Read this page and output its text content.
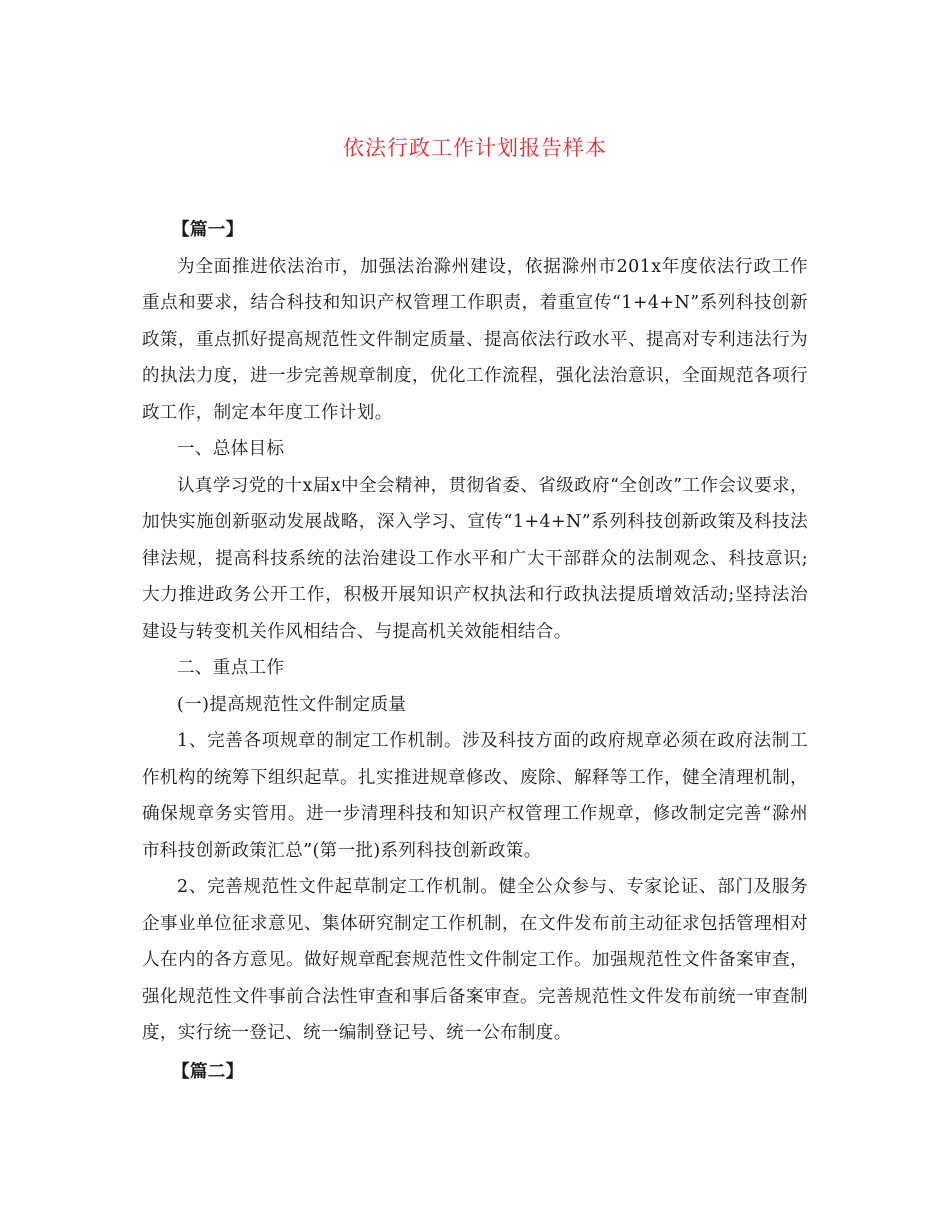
依法行政工作计划报告样本

【篇一】

为全面推进依法治市，加强法治滁州建设，依据滁州市201x年度依法行政工作重点和要求，结合科技和知识产权管理工作职责，着重宣传“1+4+N”系列科技创新政策，重点抓好提高规范性文件制定质量、提高依法行政水平、提高对专利违法行为的执法力度，进一步完善规章制度，优化工作流程，强化法治意识，全面规范各项行政工作，制定本年度工作计划。

一、总体目标

认真学习党的十x届x中全会精神，贯彻省委、省级政府“全创改”工作会议要求，加快实施创新驱动发展战略，深入学习、宣传“1+4+N”系列科技创新政策及科技法律法规，提高科技系统的法治建设工作水平和广大干部群众的法制观念、科技意识;大力推进政务公开工作，积极开展知识产权执法和行政执法提质增效活动;坚持法治建设与转变机关作风相结合、与提高机关效能相结合。

二、重点工作

(一)提高规范性文件制定质量

1、完善各项规章的制定工作机制。涉及科技方面的政府规章必须在政府法制工作机构的统筹下组织起草。扎实推进规章修改、废除、解释等工作，健全清理机制，确保规章务实管用。进一步清理科技和知识产权管理工作规章，修改制定完善“滁州市科技创新政策汇总”(第一批)系列科技创新政策。

2、完善规范性文件起草制定工作机制。健全公众参与、专家论证、部门及服务企事业单位征求意见、集体研究制定工作机制，在文件发布前主动征求包括管理相对人在内的各方意见。做好规章配套规范性文件制定工作。加强规范性文件备案审查，强化规范性文件事前合法性审查和事后备案审查。完善规范性文件发布前统一审查制度，实行统一登记、统一编制登记号、统一公布制度。

【篇二】
